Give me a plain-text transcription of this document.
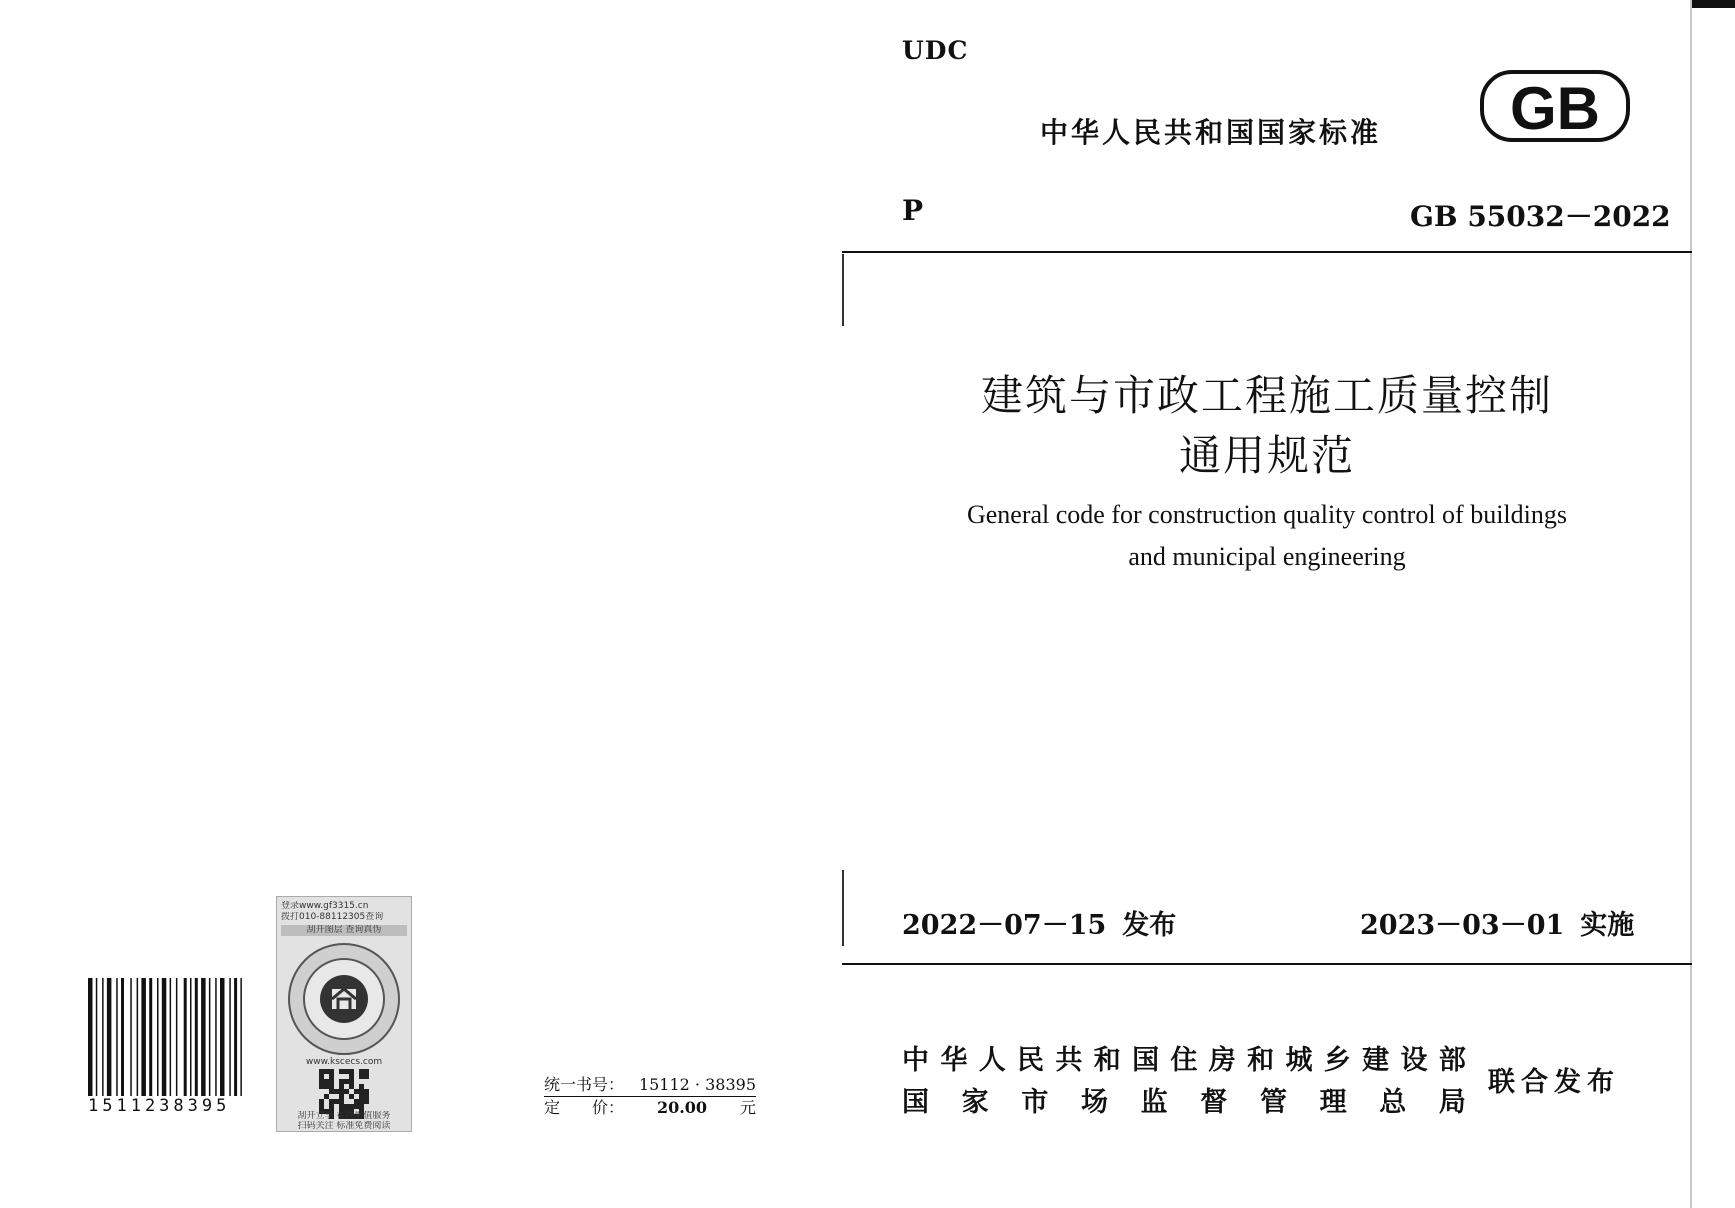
1511238395
登录www.gf3315.cn
拨打010-88112305查询
刮开图层 查询真伪
www.kscecs.com
刮开立享 在线增值服务
扫码关注 标准免费阅读
统一书号： 15112 · 38395
定　　价： 20.00 元
UDC
中华人民共和国国家标准 GB
P	GB 55032－2022
建筑与市政工程施工质量控制
通用规范
General code for construction quality control of buildings
and municipal engineering
2022－07－15 发布	2023－03－01 实施
中 华 人 民 共 和 国 住 房 和 城 乡 建 设 部
国 家 市 场 监 督 管 理 总 局
联合发布
